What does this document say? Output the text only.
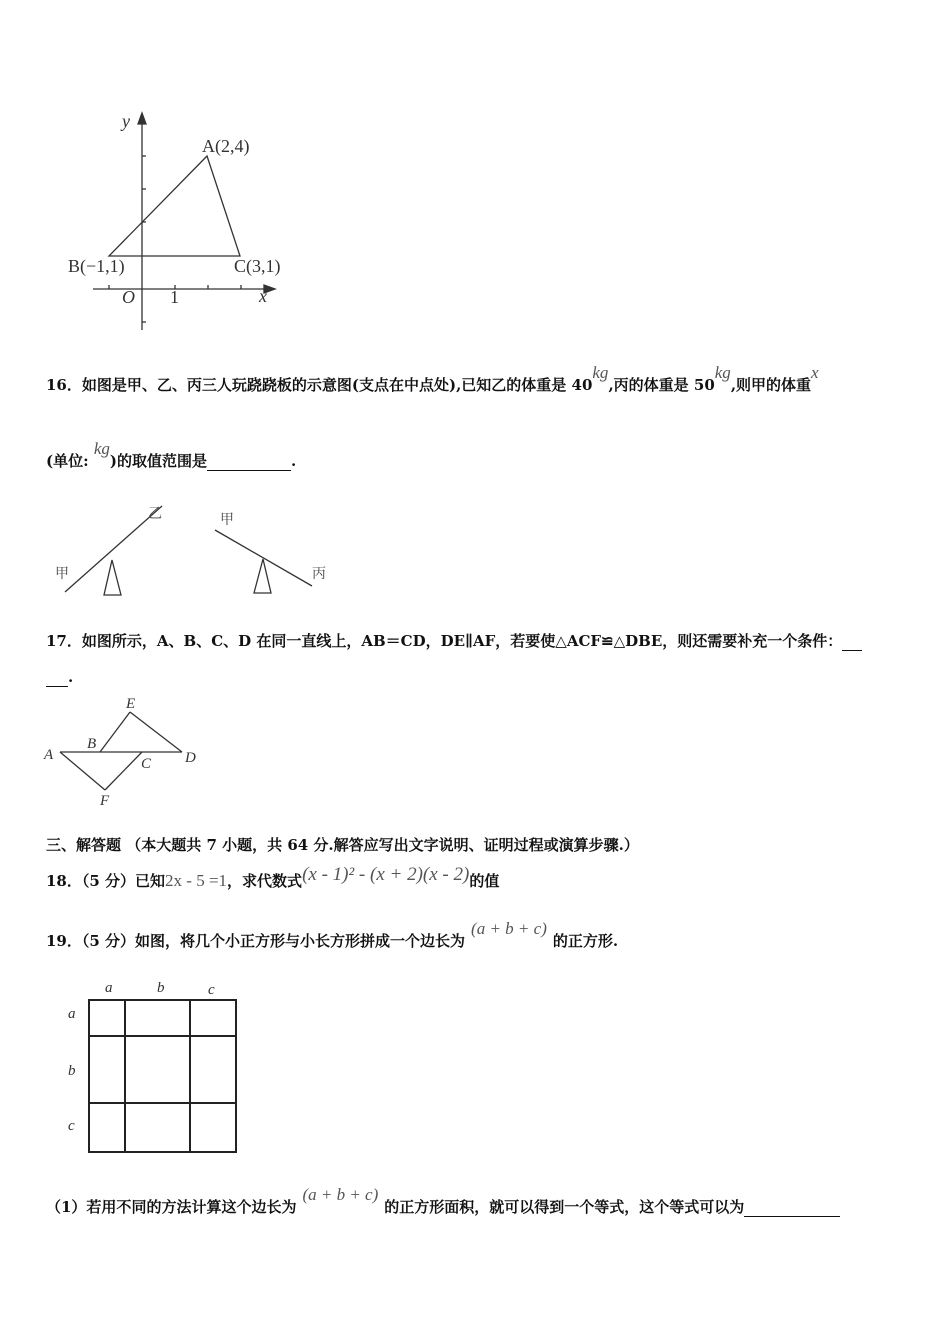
y
x
O 1
A(2,4)
B(−1,1)	C(3,1)
乙
甲
甲
丙
A
B
C D
E
F
a	b	c
a
b
c
16．如图是甲、乙、丙三人玩跷跷板的示意图(支点在中点处),已知乙的体重是 40kg,丙的体重是 50kg,则甲的体重x
(单位: kg)的取值范围是	.
17．如图所示，A、B、C、D 在同一直线上，AB＝CD，DE∥AF，若要使△ACF≌△DBE，则还需要补充一个条件：
.
三、解答题 （本大题共 7 小题，共 64 分.解答应写出文字说明、证明过程或演算步骤.）
18．（5 分）已知2x - 5 =1，求代数式(x - 1)² - (x + 2)(x - 2)的值
19．（5 分）如图，将几个小正方形与小长方形拼成一个边长为(a + b + c)的正方形.
（1）若用不同的方法计算这个边长为(a + b + c)的正方形面积，就可以得到一个等式，这个等式可以为
